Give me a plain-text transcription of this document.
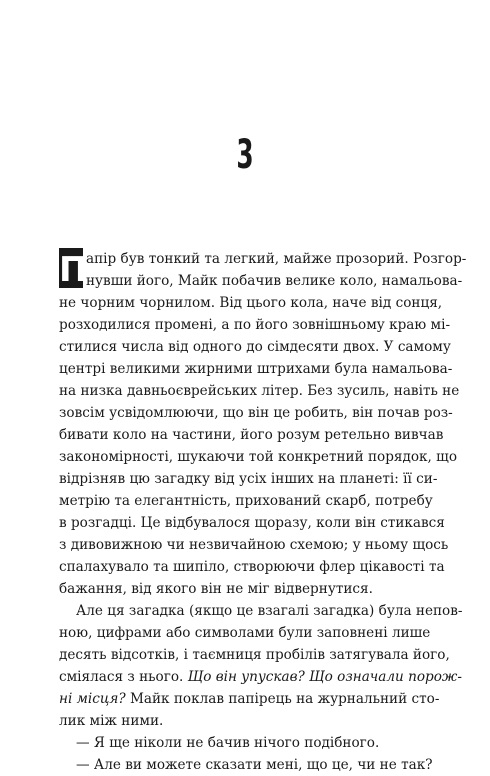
3
П
апір був тонкий та легкий, майже прозорий. Розгор-
нувши його, Майк побачив велике коло, намальова-
не чорним чорнилом. Від цього кола, наче від сонця,
розходилися промені, а по його зовнішньому краю мі-
стилися числа від одного до сімдесяти двох. У самому
центрі великими жирними штрихами була намальова-
на низка давньоєврейських літер. Без зусиль, навіть не
зовсім усвідомлюючи, що він це робить, він почав роз-
бивати коло на частини, його розум ретельно вивчав
закономірності, шукаючи той конкретний порядок, що
відрізняв цю загадку від усіх інших на планеті: її си-
метрію та елегантність, прихований скарб, потребу
в розгадці. Це відбувалося щоразу, коли він стикався
з дивовижною чи незвичайною схемою; у ньому щось
спалахувало та шипіло, створюючи флер цікавості та
бажання, від якого він не міг відвернутися.
Але ця загадка (якщо це взагалі загадка) була непов-
ною, цифрами або символами були заповнені лише
десять відсотків, і таємниця пробілів затягувала його,
сміялася з нього. Що він упускав? Що означали порож-
ні місця? Майк поклав папірець на журнальний сто-
лик між ними.
— Я ще ніколи не бачив нічого подібного.
— Але ви можете сказати мені, що це, чи не так?
